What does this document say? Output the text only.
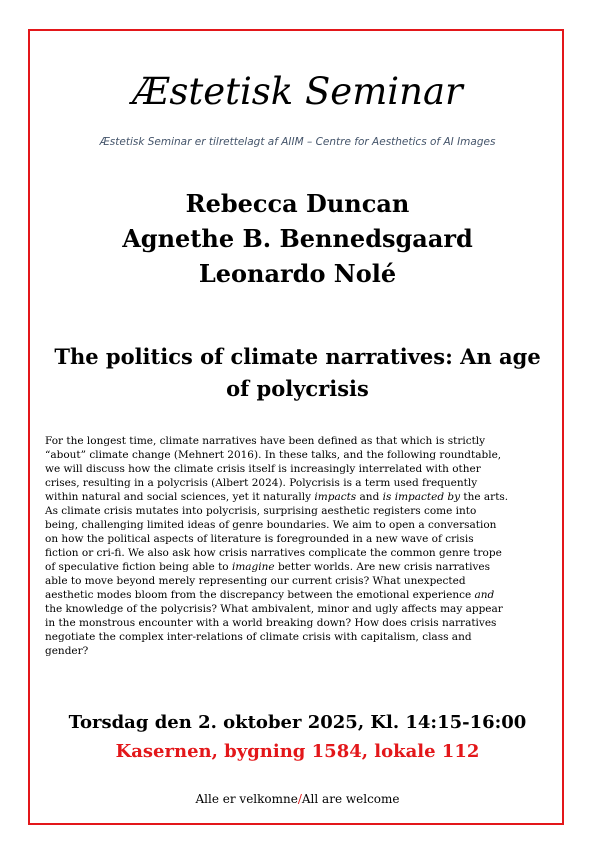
Æstetisk Seminar
Æstetisk Seminar er tilrettelagt af AIIM – Centre for Aesthetics of AI Images
Rebecca Duncan
Agnethe B. Bennedsgaard
Leonardo Nolé
The politics of climate narratives: An age of polycrisis
For the longest time, climate narratives have been defined as that which is strictly
“about” climate change (Mehnert 2016). In these talks, and the following roundtable,
we will discuss how the climate crisis itself is increasingly interrelated with other
crises, resulting in a polycrisis (Albert 2024). Polycrisis is a term used frequently
within natural and social sciences, yet it naturally impacts and is impacted by the arts.
As climate crisis mutates into polycrisis, surprising aesthetic registers come into
being, challenging limited ideas of genre boundaries. We aim to open a conversation
on how the political aspects of literature is foregrounded in a new wave of crisis
fiction or cri-fi. We also ask how crisis narratives complicate the common genre trope
of speculative fiction being able to imagine better worlds. Are new crisis narratives
able to move beyond merely representing our current crisis? What unexpected
aesthetic modes bloom from the discrepancy between the emotional experience and
the knowledge of the polycrisis? What ambivalent, minor and ugly affects may appear
in the monstrous encounter with a world breaking down? How does crisis narratives
negotiate the complex inter-relations of climate crisis with capitalism, class and
gender?
Torsdag den 2. oktober 2025, Kl. 14:15-16:00
Kasernen, bygning 1584, lokale 112
Alle er velkomne/All are welcome
